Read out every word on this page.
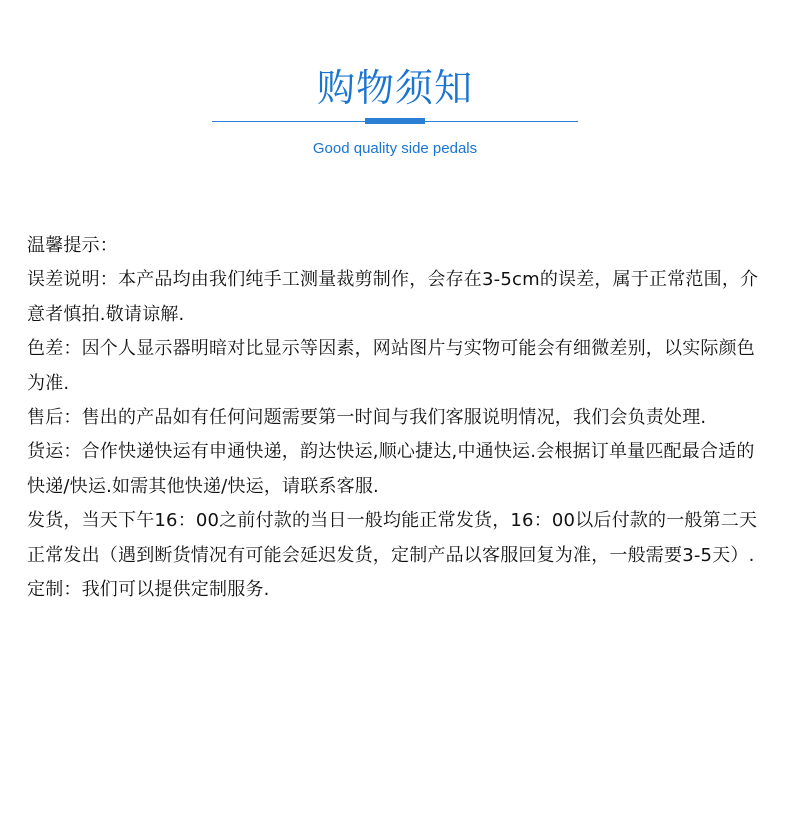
购物须知
Good quality side pedals

温馨提示：

误差说明：本产品均由我们纯手工测量裁剪制作，会存在3-5cm的误差，属于正常范围，介意者慎拍.敬请谅解.

色差：因个人显示器明暗对比显示等因素，网站图片与实物可能会有细微差别，以实际颜色为准.

售后：售出的产品如有任何问题需要第一时间与我们客服说明情况，我们会负责处理.

货运：合作快递快运有申通快递，韵达快运,顺心捷达,中通快运.会根据订单量匹配最合适的快递/快运.如需其他快递/快运，请联系客服.

发货，当天下午16：00之前付款的当日一般均能正常发货，16：00以后付款的一般第二天正常发出（遇到断货情况有可能会延迟发货，定制产品以客服回复为准，一般需要3-5天）.

定制：我们可以提供定制服务.
